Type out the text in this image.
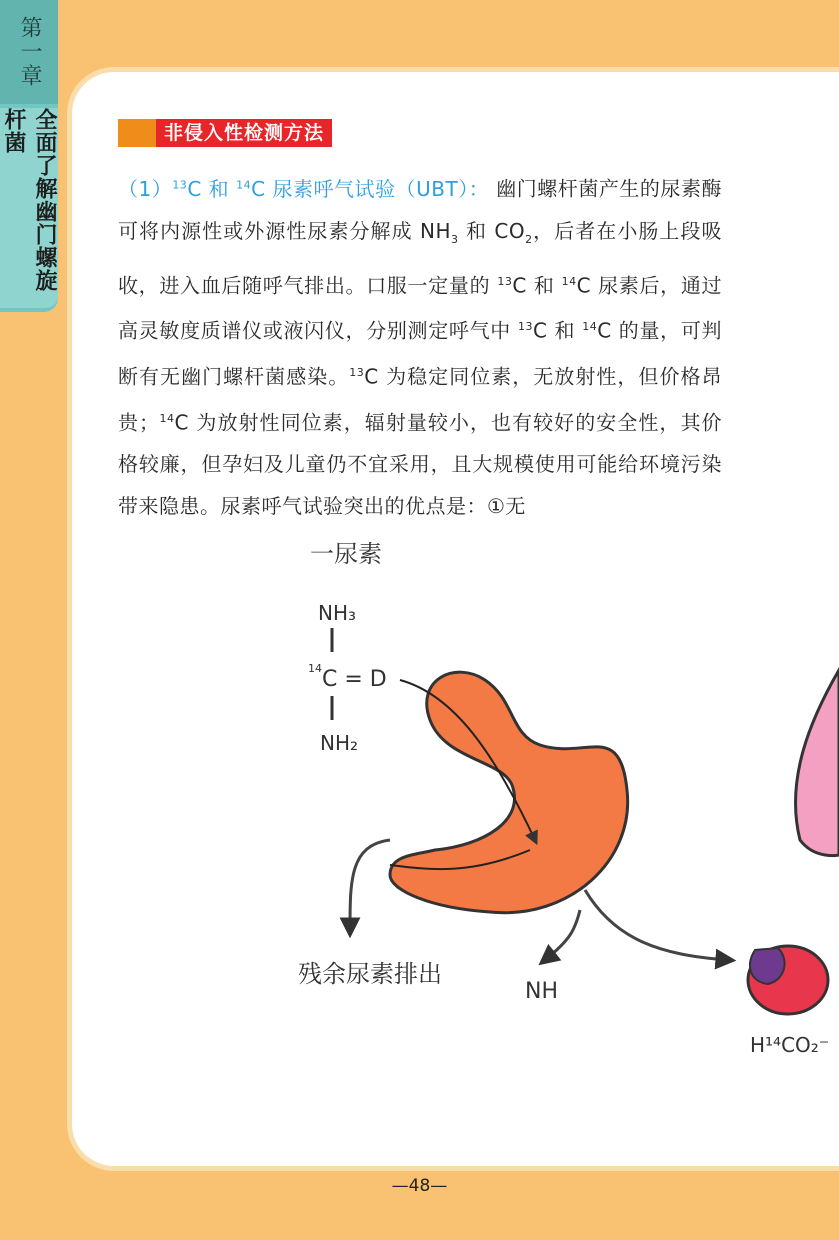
第一章
全面了解幽门螺旋杆菌	非侵入性检测方法
$(1)^{13}C$ 和 $^{14}$C 尿素呼气试验（UBT）： 幽门螺杆菌产生的尿素酶可将内源性或外源性尿素分解成 $NH_3$ 和 $CO_2$，后者在小肠上段吸收，进入血后随呼气排出。口服一定量的 $^{13}$C 和 $^{14}$C 尿素后，通过高灵敏度质谱仪或液闪仪，分别测定呼气中 $^{13}$C 和 $^{14}$C 的量，可判断有无幽门螺杆菌感染。$^{13}$C 为稳定同位素，无放射性，但价格昂贵；$^{14}$C 为放射性同位素，辐射量较小，也有较好的安全性，其价格较廉，但孕妇及儿童仍不宜采用，且大规模使用可能给环境污染带来隐患。尿素呼气试验突出的优点是：①无
一尿素
NH₃
14 C = D
NH₂
残余尿素排出
NH
H¹⁴CO₂⁻
—48—
